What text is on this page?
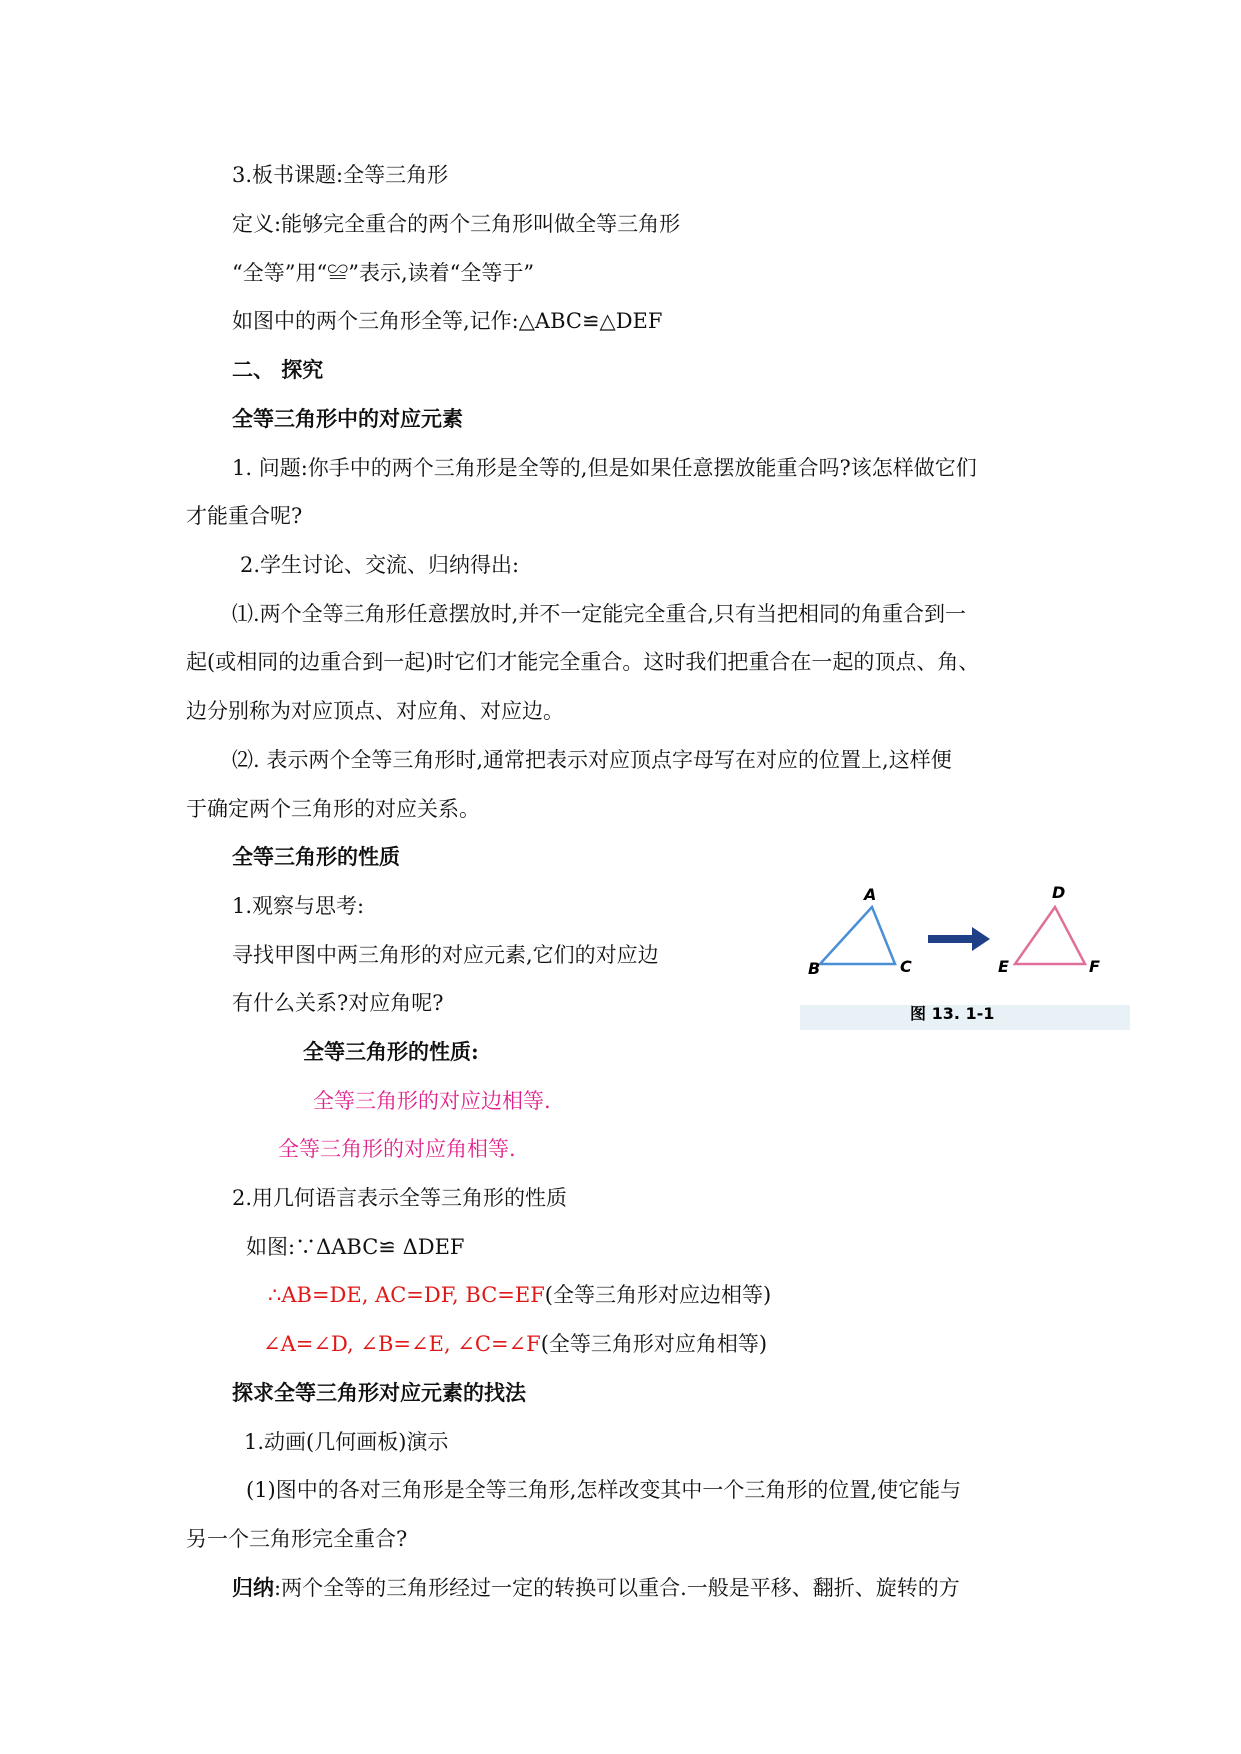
3.板书课题:全等三角形
定义:能够完全重合的两个三角形叫做全等三角形
“全等”用“≌”表示,读着“全等于”
如图中的两个三角形全等,记作:△ABC≌△DEF
二、 探究
全等三角形中的对应元素
1. 问题:你手中的两个三角形是全等的,但是如果任意摆放能重合吗?该怎样做它们
才能重合呢?
2.学生讨论、交流、归纳得出:
⑴.两个全等三角形任意摆放时,并不一定能完全重合,只有当把相同的角重合到一
起(或相同的边重合到一起)时它们才能完全重合。这时我们把重合在一起的顶点、角、
边分别称为对应顶点、对应角、对应边。
⑵. 表示两个全等三角形时,通常把表示对应顶点字母写在对应的位置上,这样便
于确定两个三角形的对应关系。
全等三角形的性质
1.观察与思考:
寻找甲图中两三角形的对应元素,它们的对应边
有什么关系?对应角呢?
A
B	C
D
E	F
图 13. 1-1
全等三角形的性质:
全等三角形的对应边相等.
全等三角形的对应角相等.
2.用几何语言表示全等三角形的性质
如图:∵ΔABC≌ ΔDEF
∴AB=DE, AC=DF, BC=EF(全等三角形对应边相等)
∠A=∠D, ∠B=∠E, ∠C=∠F(全等三角形对应角相等)
探求全等三角形对应元素的找法
1.动画(几何画板)演示
(1)图中的各对三角形是全等三角形,怎样改变其中一个三角形的位置,使它能与
另一个三角形完全重合?
归纳:两个全等的三角形经过一定的转换可以重合.一般是平移、翻折、旋转的方
